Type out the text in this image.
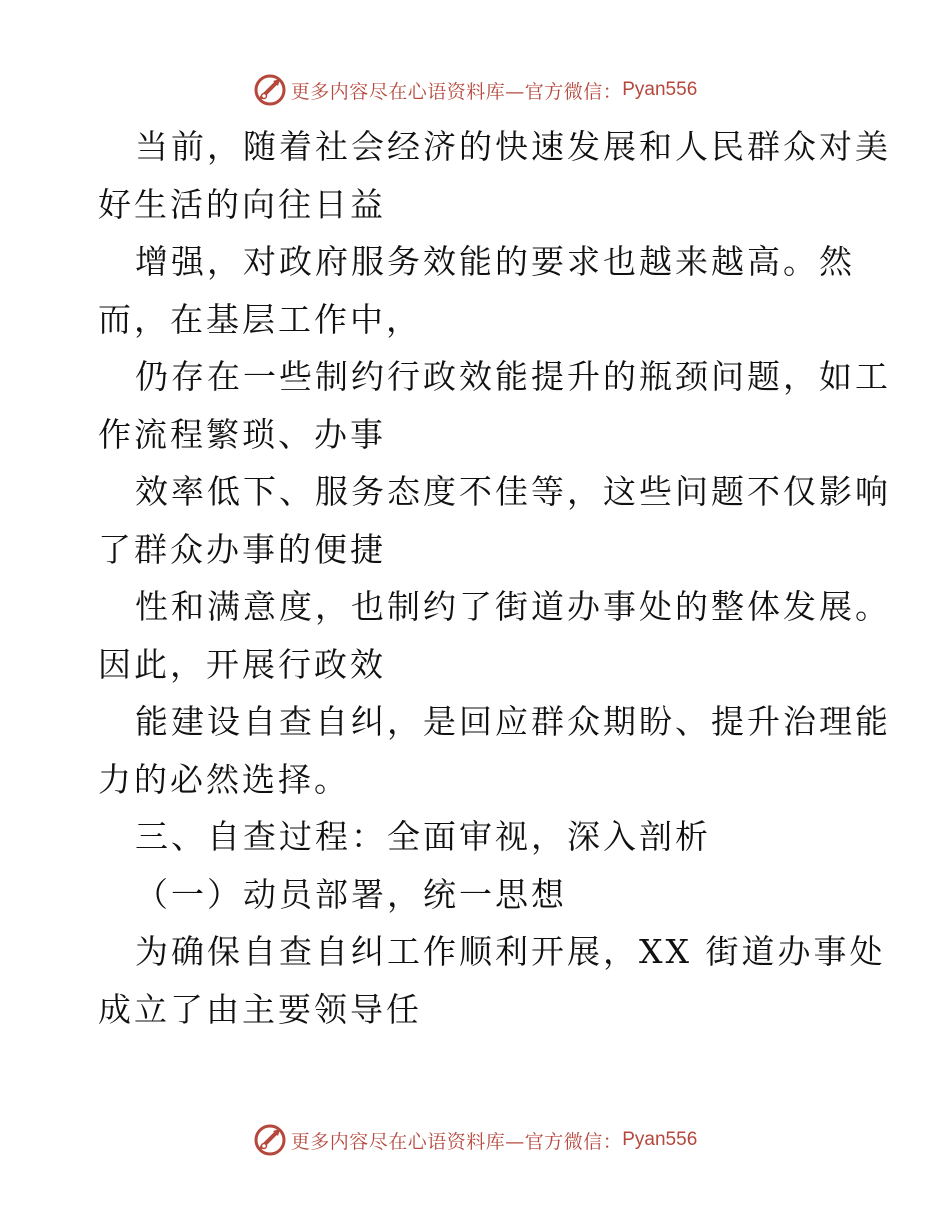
更多内容尽在心语资料库—官方微信： Pyan556

当前，随着社会经济的快速发展和人民群众对美
好生活的向往日益

增强，对政府服务效能的要求也越来越高。然
而，在基层工作中，

仍存在一些制约行政效能提升的瓶颈问题，如工
作流程繁琐、办事

效率低下、服务态度不佳等，这些问题不仅影响
了群众办事的便捷

性和满意度，也制约了街道办事处的整体发展。
因此，开展行政效

能建设自查自纠，是回应群众期盼、提升治理能
力的必然选择。

三、自查过程：全面审视，深入剖析

（一）动员部署，统一思想

为确保自查自纠工作顺利开展，XX 街道办事处
成立了由主要领导任

更多内容尽在心语资料库—官方微信： Pyan556
